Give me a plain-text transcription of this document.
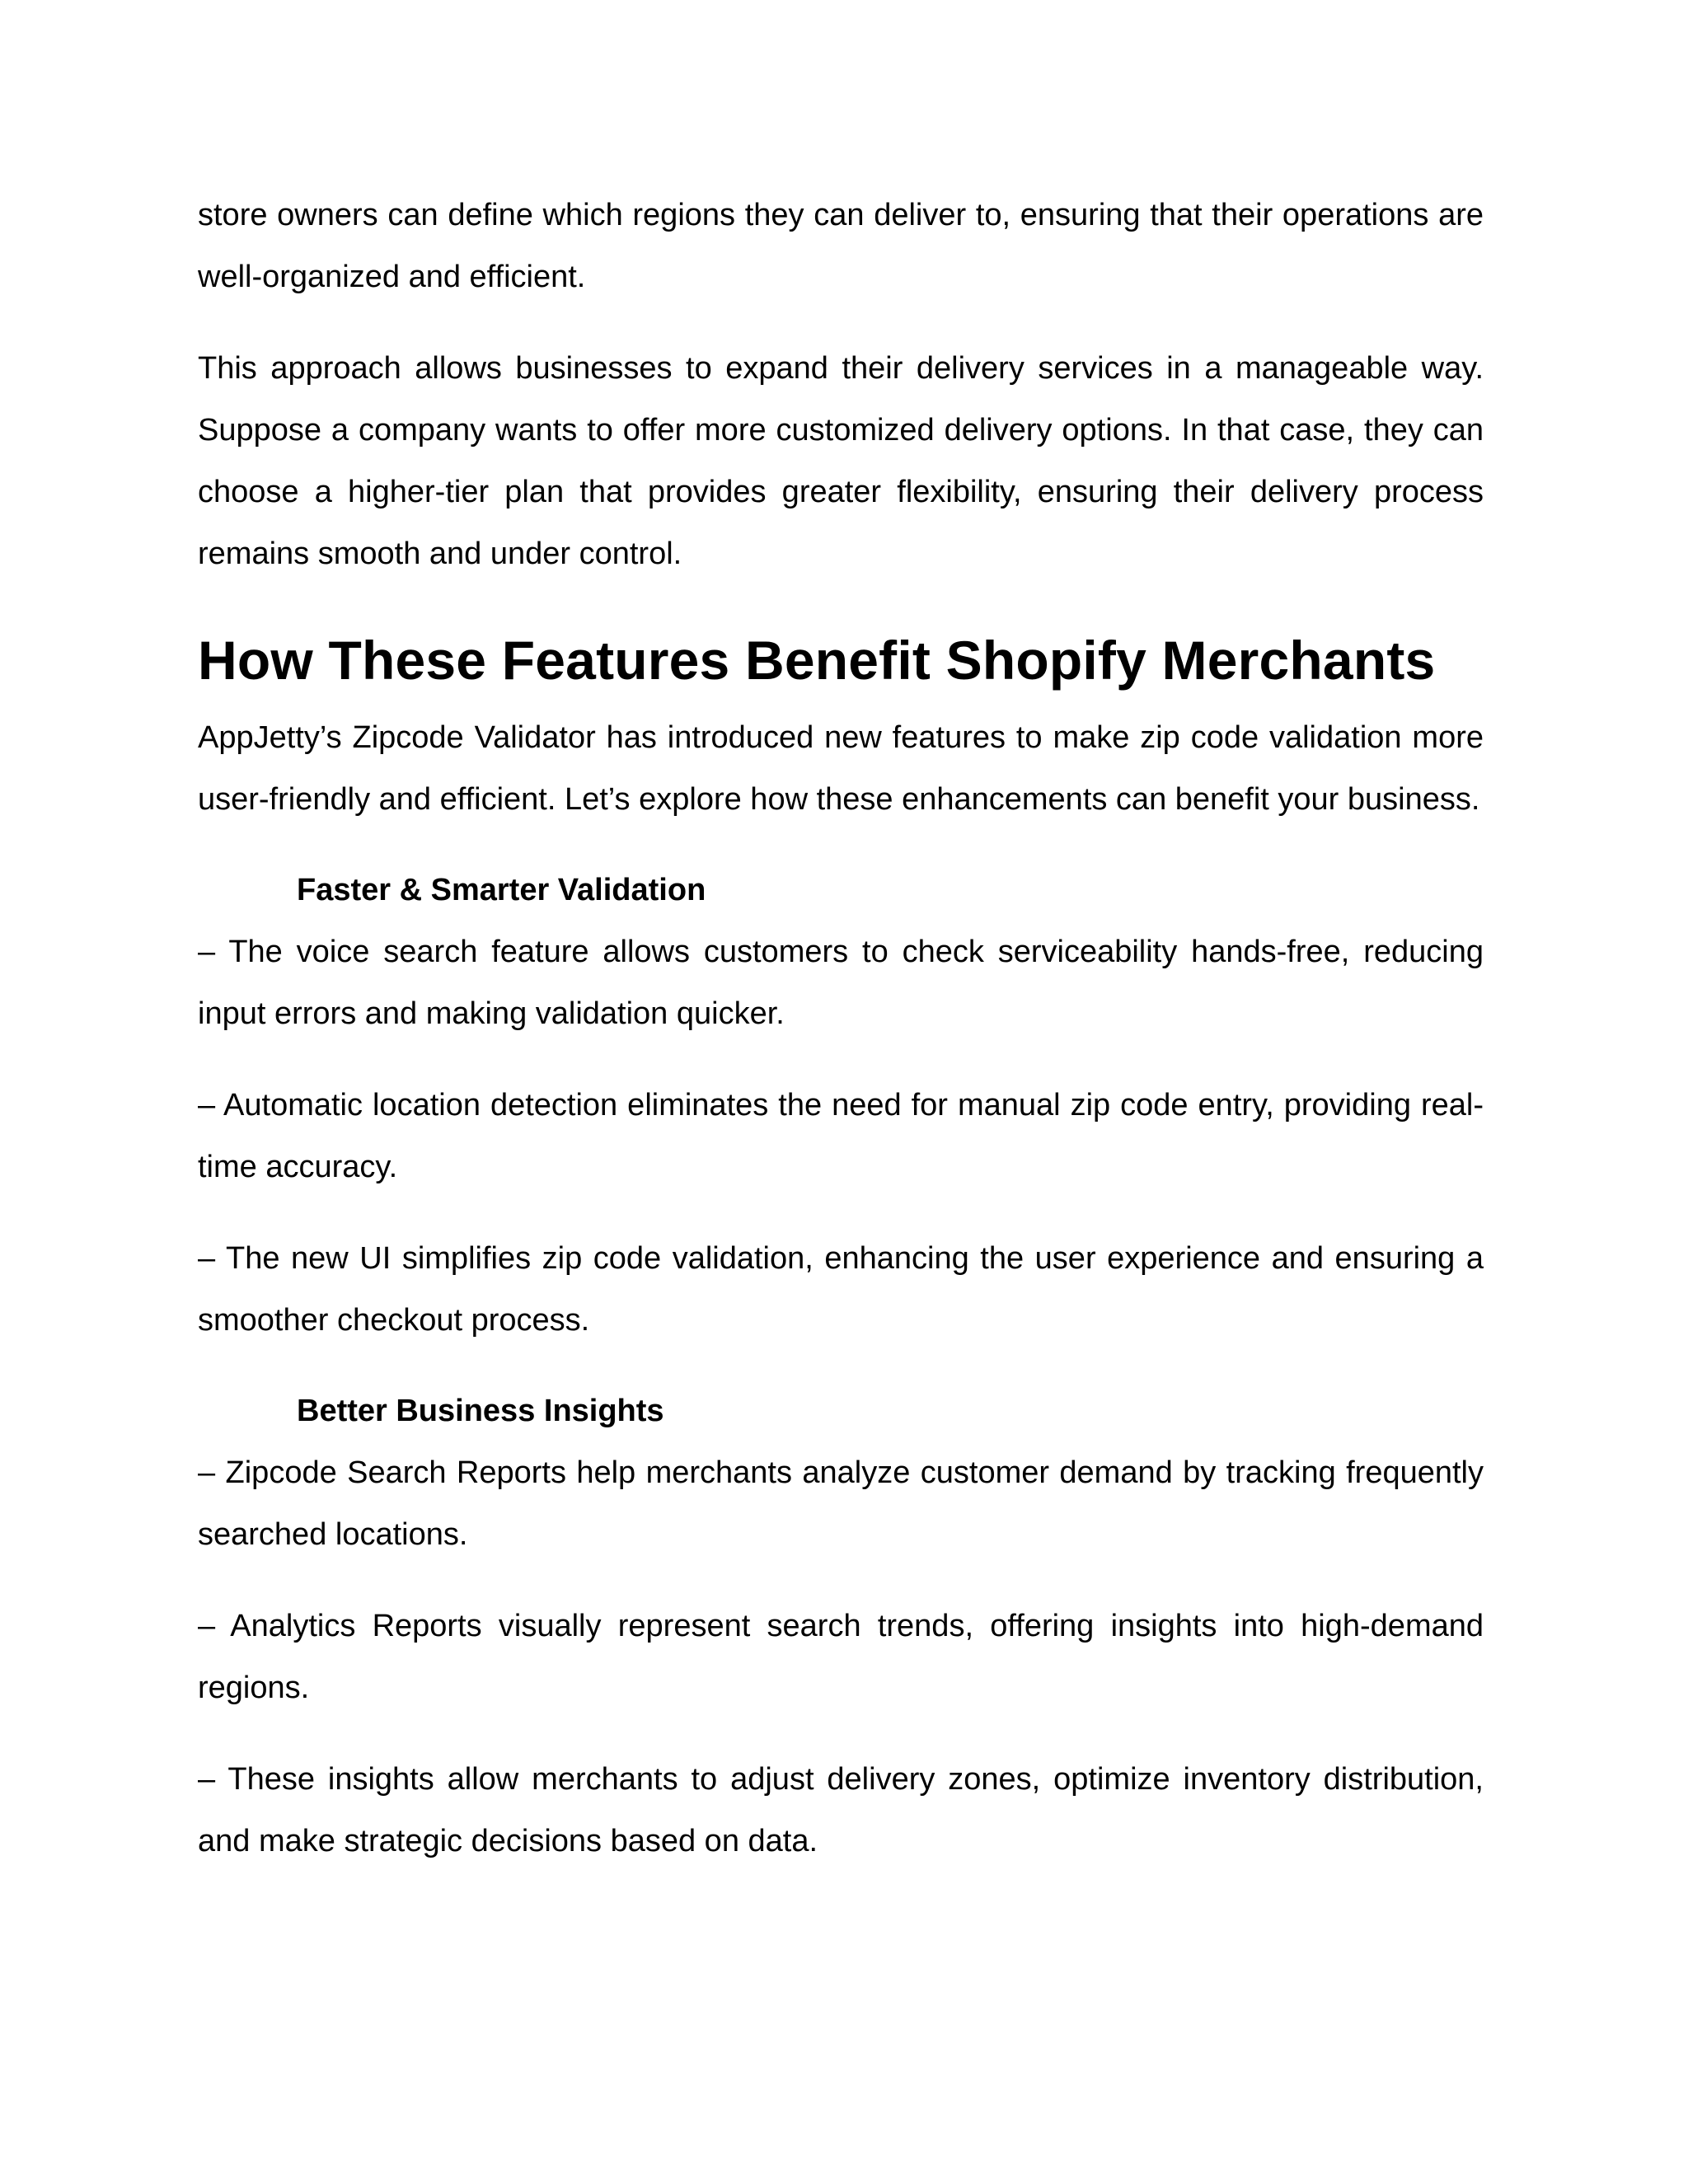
store owners can define which regions they can deliver to, ensuring that their operations are well-organized and efficient.

This approach allows businesses to expand their delivery services in a manageable way. Suppose a company wants to offer more customized delivery options. In that case, they can choose a higher-tier plan that provides greater flexibility, ensuring their delivery process remains smooth and under control.

How These Features Benefit Shopify Merchants

AppJetty’s Zipcode Validator has introduced new features to make zip code validation more user-friendly and efficient. Let’s explore how these enhancements can benefit your business.

Faster & Smarter Validation

– The voice search feature allows customers to check serviceability hands-free, reducing input errors and making validation quicker.

– Automatic location detection eliminates the need for manual zip code entry, providing real-time accuracy.

– The new UI simplifies zip code validation, enhancing the user experience and ensuring a smoother checkout process.

Better Business Insights

– Zipcode Search Reports help merchants analyze customer demand by tracking frequently searched locations.

– Analytics Reports visually represent search trends, offering insights into high-demand regions.

– These insights allow merchants to adjust delivery zones, optimize inventory distribution, and make strategic decisions based on data.
